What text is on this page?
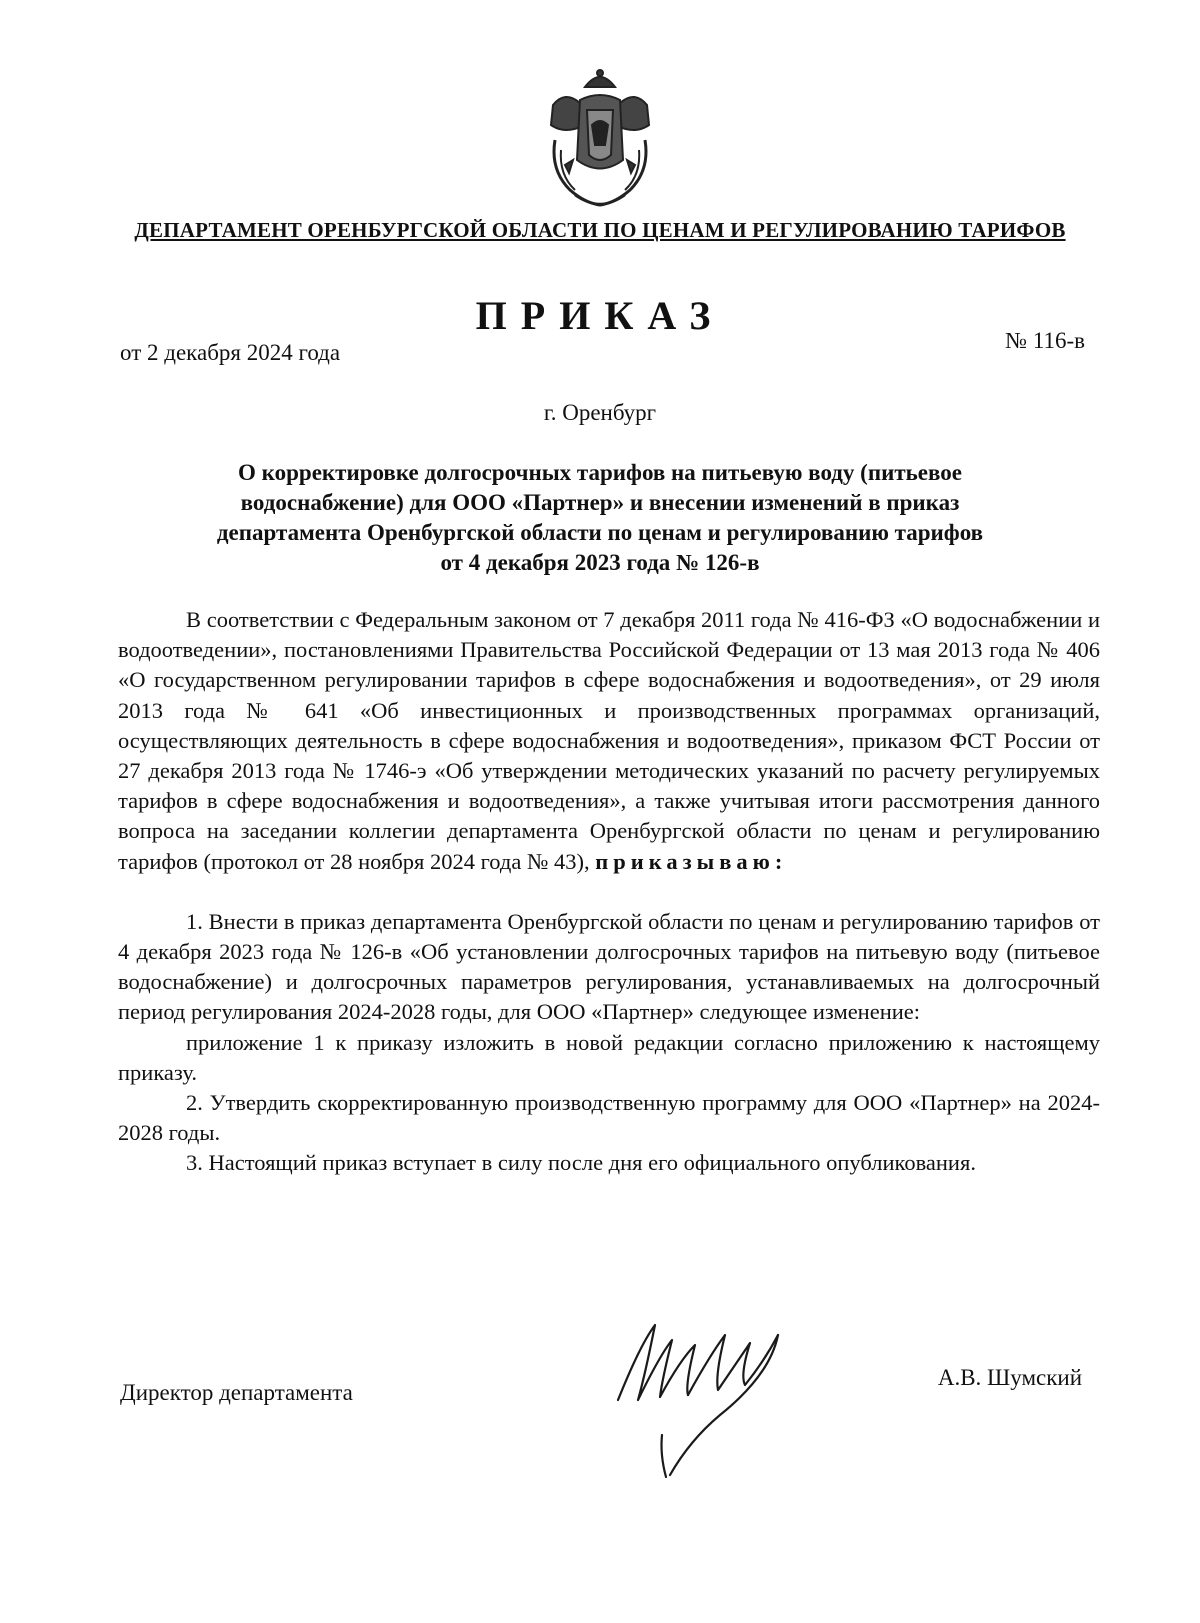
ДЕПАРТАМЕНТ ОРЕНБУРГСКОЙ ОБЛАСТИ ПО ЦЕНАМ И РЕГУЛИРОВАНИЮ ТАРИФОВ
ПРИКАЗ
от 2 декабря 2024 года	№ 116-в
г. Оренбург
О корректировке долгосрочных тарифов на питьевую воду (питьевое
водоснабжение) для ООО «Партнер» и внесении изменений в приказ
департамента Оренбургской области по ценам и регулированию тарифов
от 4 декабря 2023 года № 126-в

В соответствии с Федеральным законом от 7 декабря 2011 года № 416-ФЗ «О водоснабжении и водоотведении», постановлениями Правительства Российской Федерации от 13 мая 2013 года № 406 «О государственном регулировании тарифов в сфере водоснабжения и водоотведения», от 29 июля 2013 года № 641 «Об инвестиционных и производственных программах организаций, осуществляющих деятельность в сфере водоснабжения и водоотведения», приказом ФСТ России от 27 декабря 2013 года № 1746-э «Об утверждении методических указаний по расчету регулируемых тарифов в сфере водоснабжения и водоотведения», а также учитывая итоги рассмотрения данного вопроса на заседании коллегии департамента Оренбургской области по ценам и регулированию тарифов (протокол от 28 ноября 2024 года № 43), приказываю:

1. Внести в приказ департамента Оренбургской области по ценам и регулированию тарифов от 4 декабря 2023 года № 126-в «Об установлении долгосрочных тарифов на питьевую воду (питьевое водоснабжение) и долгосрочных параметров регулирования, устанавливаемых на долгосрочный период регулирования 2024-2028 годы, для ООО «Партнер» следующее изменение:

приложение 1 к приказу изложить в новой редакции согласно приложению к настоящему приказу.

2. Утвердить скорректированную производственную программу для ООО «Партнер» на 2024-2028 годы.

3. Настоящий приказ вступает в силу после дня его официального опубликования.

Директор департамента
А.В. Шумский
